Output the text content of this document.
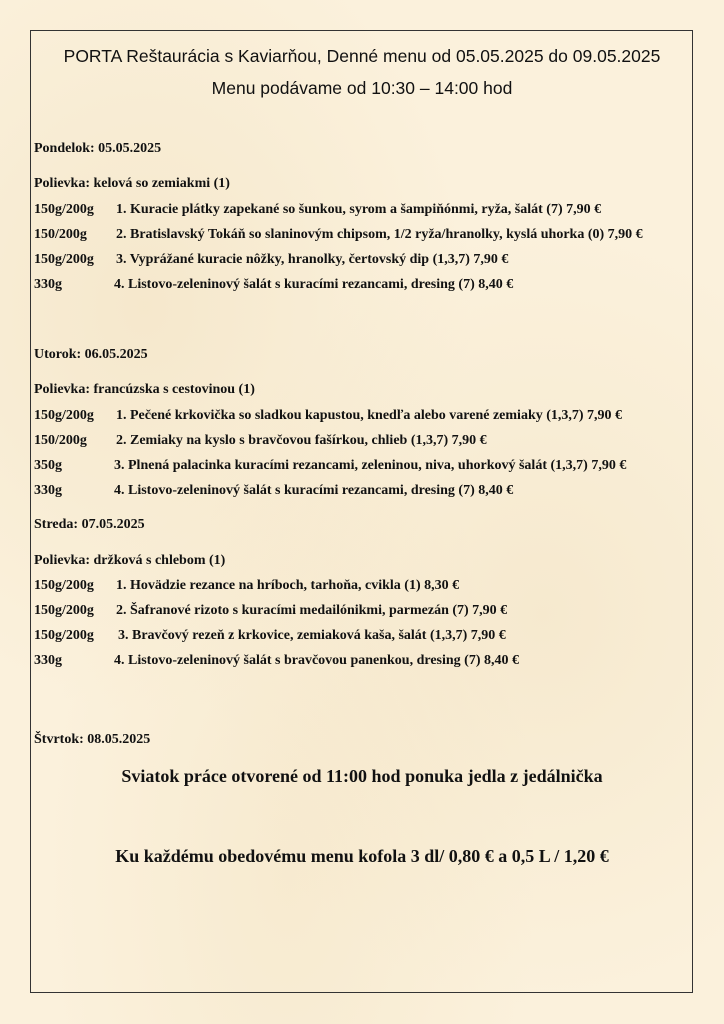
PORTA Reštaurácia s Kaviarňou, Denné menu od 05.05.2025 do 09.05.2025
Menu podávame od 10:30 – 14:00 hod
Pondelok: 05.05.2025
Polievka: kelová so zemiakmi (1)
150g/200g 1. Kuracie plátky zapekané so šunkou, syrom a šampiňónmi, ryža, šalát (7) 7,90 €
150/200g 2. Bratislavský Tokáň so slaninovým chipsom, 1/2 ryža/hranolky, kyslá uhorka (0) 7,90 €
150g/200g 3. Vyprážané kuracie nôžky, hranolky, čertovský dip (1,3,7) 7,90 €
330g	4. Listovo-zeleninový šalát s kuracími rezancami, dresing (7) 8,40 €
Utorok: 06.05.2025
Polievka: francúzska s cestovinou (1)
150g/200g 1. Pečené krkovička so sladkou kapustou, knedľa alebo varené zemiaky (1,3,7) 7,90 €
150/200g 2. Zemiaky na kyslo s bravčovou fašírkou, chlieb (1,3,7) 7,90 €
350g	3. Plnená palacinka kuracími rezancami, zeleninou, niva, uhorkový šalát (1,3,7) 7,90 €
330g	4. Listovo-zeleninový šalát s kuracími rezancami, dresing (7) 8,40 €
Streda: 07.05.2025
Polievka: držková s chlebom (1)
150g/200g 1. Hovädzie rezance na hríboch, tarhoňa, cvikla (1) 8,30 €
150g/200g 2. Šafranové rizoto s kuracími medailónikmi, parmezán (7) 7,90 €
150g/200g 3. Bravčový rezeň z krkovice, zemiaková kaša, šalát (1,3,7) 7,90 €
330g	4. Listovo-zeleninový šalát s bravčovou panenkou, dresing (7) 8,40 €
Štvrtok: 08.05.2025
Sviatok práce otvorené od 11:00 hod ponuka jedla z jedálnička
Ku každému obedovému menu kofola 3 dl/ 0,80 € a 0,5 L / 1,20 €
